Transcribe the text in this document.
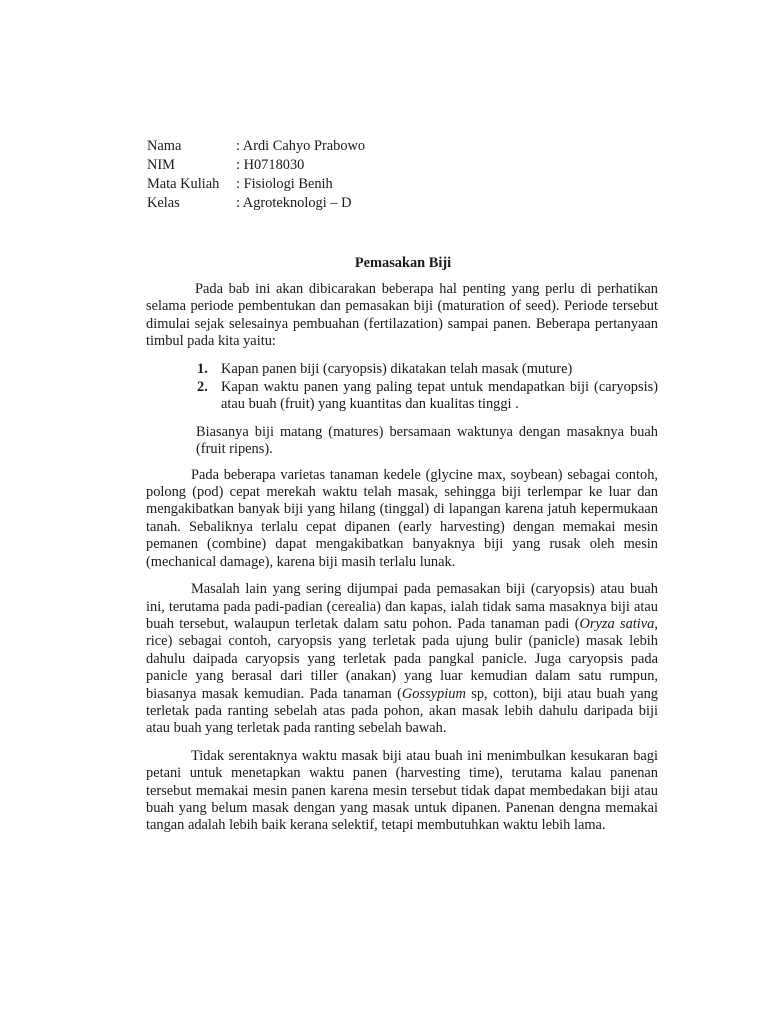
Nama	: Ardi Cahyo Prabowo
NIM	: H0718030
Mata Kuliah	: Fisiologi Benih
Kelas	: Agroteknologi – D
Pemasakan Biji

Pada bab ini akan dibicarakan beberapa hal penting yang perlu di perhatikan selama periode pembentukan dan pemasakan biji (maturation of seed). Periode tersebut dimulai sejak selesainya pembuahan (fertilazation) sampai panen. Beberapa pertanyaan timbul pada kita yaitu:

1. Kapan panen biji (caryopsis) dikatakan telah masak (muture)
2. Kapan waktu panen yang paling tepat untuk mendapatkan biji (caryopsis) atau buah (fruit) yang kuantitas dan kualitas tinggi .

Biasanya biji matang (matures) bersamaan waktunya dengan masaknya buah (fruit ripens).

Pada beberapa varietas tanaman kedele (glycine max, soybean) sebagai contoh, polong (pod) cepat merekah waktu telah masak, sehingga biji terlempar ke luar dan mengakibatkan banyak biji yang hilang (tinggal) di lapangan karena jatuh kepermukaan tanah. Sebaliknya terlalu cepat dipanen (early harvesting) dengan memakai mesin pemanen (combine) dapat mengakibatkan banyaknya biji yang rusak oleh mesin (mechanical damage), karena biji masih terlalu lunak.

Masalah lain yang sering dijumpai pada pemasakan biji (caryopsis) atau buah ini, terutama pada padi-padian (cerealia) dan kapas, ialah tidak sama masaknya biji atau buah tersebut, walaupun terletak dalam satu pohon. Pada tanaman padi (Oryza sativa, rice) sebagai contoh, caryopsis yang terletak pada ujung bulir (panicle) masak lebih dahulu daipada caryopsis yang terletak pada pangkal panicle. Juga caryopsis pada panicle yang berasal dari tiller (anakan) yang luar kemudian dalam satu rumpun, biasanya masak kemudian. Pada tanaman (Gossypium sp, cotton), biji atau buah yang terletak pada ranting sebelah atas pada pohon, akan masak lebih dahulu daripada biji atau buah yang terletak pada ranting sebelah bawah.

Tidak serentaknya waktu masak biji atau buah ini menimbulkan kesukaran bagi petani untuk menetapkan waktu panen (harvesting time), terutama kalau panenan tersebut memakai mesin panen karena mesin tersebut tidak dapat membedakan biji atau buah yang belum masak dengan yang masak untuk dipanen. Panenan dengna memakai tangan adalah lebih baik kerana selektif, tetapi membutuhkan waktu lebih lama.
